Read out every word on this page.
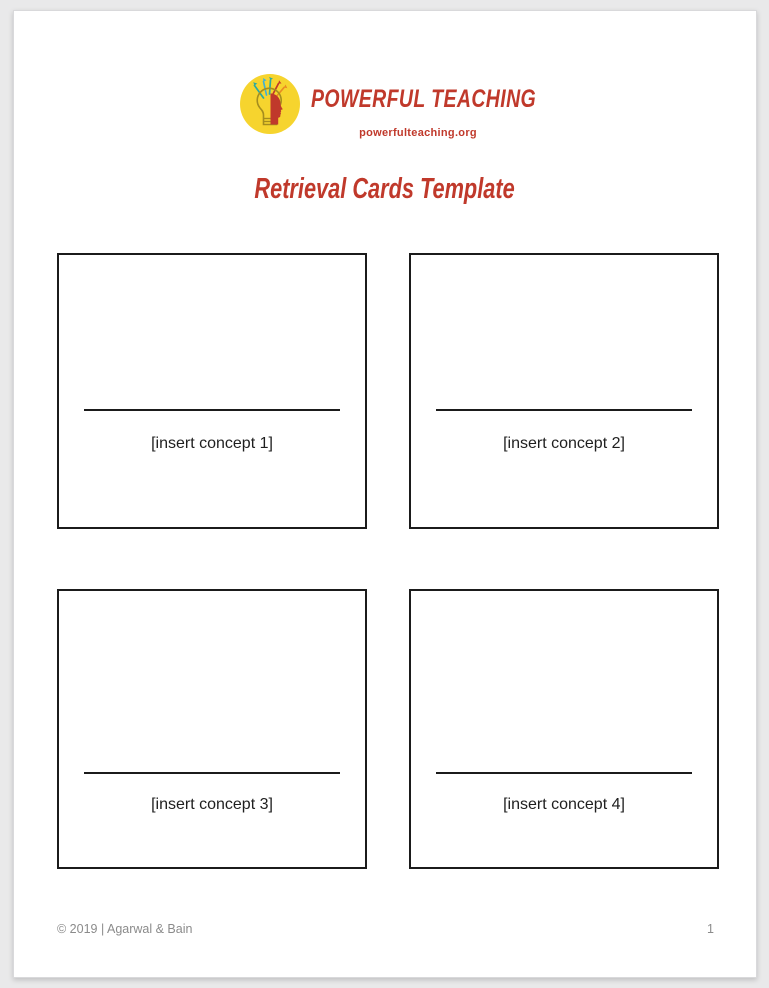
POWERFUL TEACHING
powerfulteaching.org
Retrieval Cards Template
[insert concept 1]	[insert concept 2]
[insert concept 3]	[insert concept 4]
© 2019 | Agarwal & Bain	1
